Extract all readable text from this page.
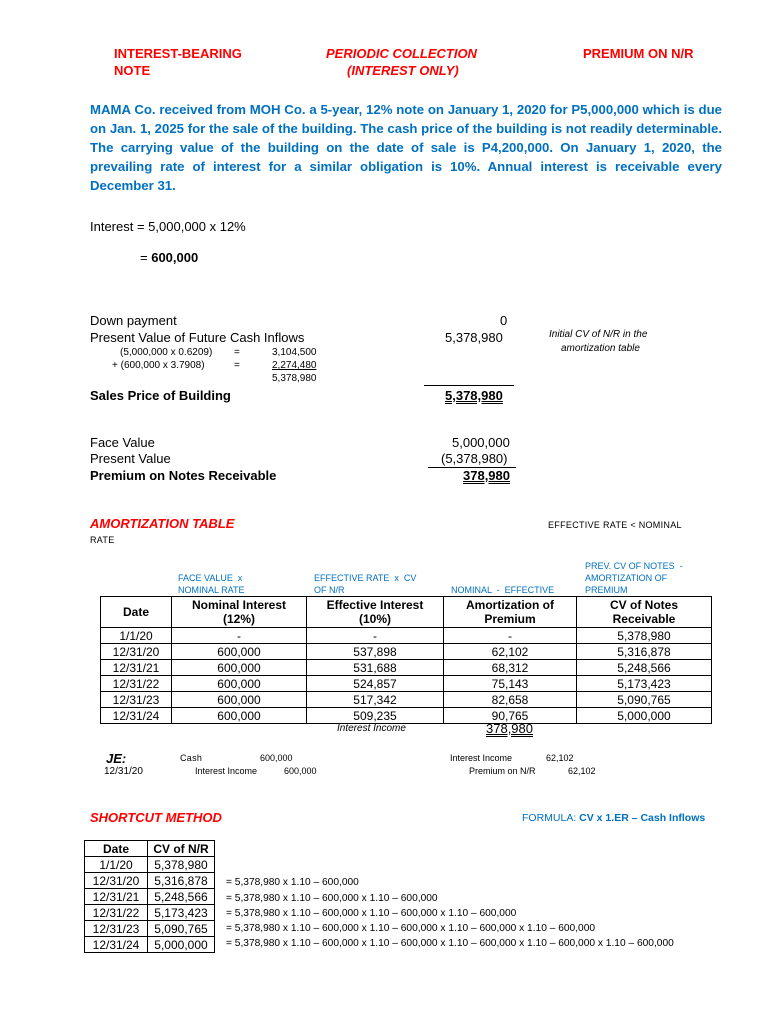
INTEREST-BEARING
NOTE
PERIODIC COLLECTION
(INTEREST ONLY)
PREMIUM ON N/R
MAMA Co. received from MOH Co. a 5-year, 12% note on January 1, 2020 for P5,000,000 which is due on Jan. 1, 2025 for the sale of the building. The cash price of the building is not readily determinable. The carrying value of the building on the date of sale is P4,200,000. On January 1, 2020, the prevailing rate of interest for a similar obligation is 10%. Annual interest is receivable every December 31.
Interest = 5,000,000 x 12%
= 600,000
Down payment	0
Present Value of Future Cash Inflows	5,378,980	Initial CV of N/R in the
amortization table
(5,000,000 x 0.6209) =	3,104,500
+ (600,000 x 3.7908)	=	2,274,480
5,378,980
Sales Price of Building	5,378,980
Face Value	5,000,000
Present Value	(5,378,980)
Premium on Notes Receivable	378,980
AMORTIZATION TABLE	EFFECTIVE RATE < NOMINAL
RATE
FACE VALUE  x
NOMINAL RATE
EFFECTIVE RATE  x  CV
OF N/R	NOMINAL  -  EFFECTIVE
PREV. CV OF NOTES  -
AMORTIZATION OF
PREMIUM
Date	Nominal Interest (12%)	Effective Interest (10%)	Amortization of Premium	CV of Notes Receivable
1/1/20	-	-	-	5,378,980
12/31/20	600,000	537,898	62,102	5,316,878
12/31/21	600,000	531,688	68,312	5,248,566
12/31/22	600,000	524,857	75,143	5,173,423
12/31/23	600,000	517,342	82,658	5,090,765
12/31/24	600,000	509,235	90,765	5,000,000
Interest Income	378,980
JE:
12/31/20
Cash	600,000
Interest Income	600,000
Interest Income	62,102
Premium on N/R	62,102
SHORTCUT METHOD	FORMULA: CV x 1.ER – Cash Inflows
Date	CV of N/R
1/1/20	5,378,980
12/31/20	5,316,878
12/31/21	5,248,566
12/31/22	5,173,423
12/31/23	5,090,765
12/31/24	5,000,000
= 5,378,980 x 1.10 – 600,000
= 5,378,980 x 1.10 – 600,000 x 1.10 – 600,000
= 5,378,980 x 1.10 – 600,000 x 1.10 – 600,000 x 1.10 – 600,000
= 5,378,980 x 1.10 – 600,000 x 1.10 – 600,000 x 1.10 – 600,000 x 1.10 – 600,000
= 5,378,980 x 1.10 – 600,000 x 1.10 – 600,000 x 1.10 – 600,000 x 1.10 – 600,000 x 1.10 – 600,000
